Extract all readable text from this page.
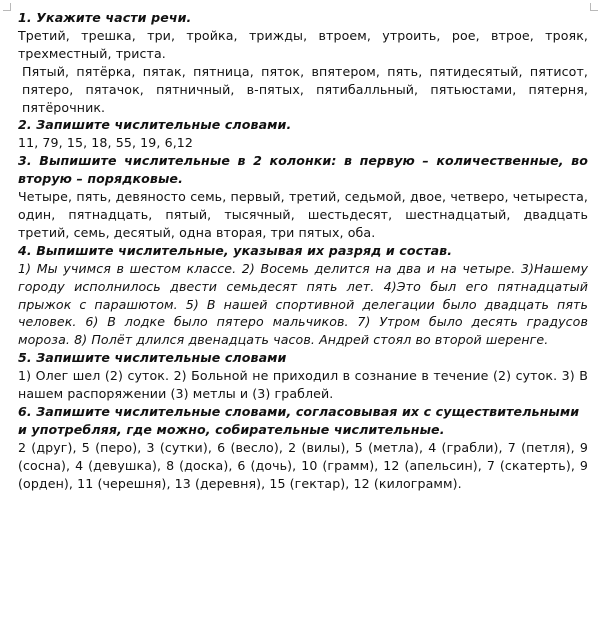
1. Укажите части речи.

Третий, трешка, три, тройка, трижды, втроем, утроить, рое, втрое, трояк, трехместный, триста.

Пятый, пятёрка, пятак, пятница, пяток, впятером, пять, пятидесятый, пятисот, пятеро, пятачок, пятничный, в-пятых, пятибалльный, пятьюстами, пятерня, пятёрочник.

2. Запишите числительные словами.

11, 79, 15, 18, 55, 19, 6,12

3. Выпишите числительные в 2 колонки: в первую – количественные, во вторую – порядковые.

Четыре, пять, девяносто семь, первый, третий, седьмой, двое, четверо, четыреста, один, пятнадцать, пятый, тысячный, шестьдесят, шестнадцатый, двадцать третий, семь, десятый, одна вторая, три пятых, оба.

4. Выпишите числительные, указывая их разряд и состав.

1) Мы учимся в шестом классе. 2) Восемь делится на два и на четыре. 3)Нашему городу исполнилось двести семьдесят пять лет. 4)Это был его пятнадцатый прыжок с парашютом. 5) В нашей спортивной делегации было двадцать пять человек. 6) В лодке было пятеро мальчиков. 7) Утром было десять градусов мороза. 8) Полёт длился двенадцать часов. Андрей стоял во второй шеренге.

5. Запишите числительные словами

1) Олег шел (2) суток. 2) Больной не приходил в сознание в течение (2) суток. 3) В нашем распоряжении (3) метлы и (3) граблей.

6. Запишите числительные словами, согласовывая их с существительными и употребляя, где можно, собирательные числительные.

2 (друг), 5 (перо), 3 (сутки), 6 (весло), 2 (вилы), 5 (метла), 4 (грабли), 7 (петля), 9 (сосна), 4 (девушка), 8 (доска), 6 (дочь), 10 (грамм), 12 (апельсин), 7 (скатерть), 9 (орден), 11 (черешня), 13 (деревня), 15 (гектар), 12 (килограмм).
